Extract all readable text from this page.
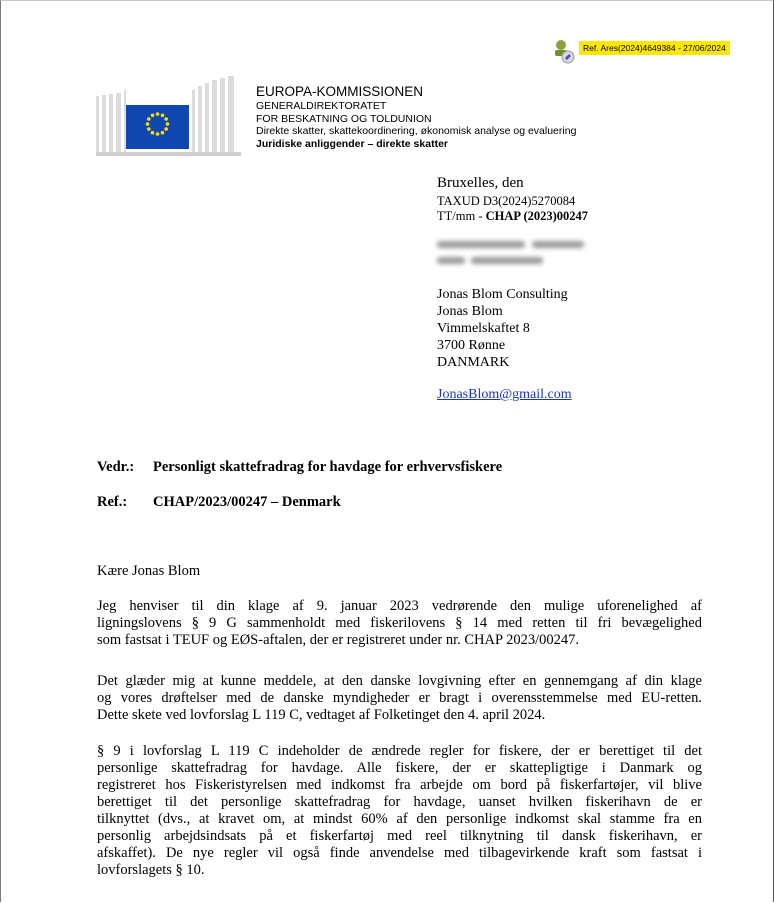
Ref. Ares(2024)4649384 - 27/06/2024
EUROPA-KOMMISSIONEN
GENERALDIREKTORATET
FOR BESKATNING OG TOLDUNION
Direkte skatter, skattekoordinering, økonomisk analyse og evaluering
Juridiske anliggender – direkte skatter
Bruxelles, den
TAXUD D3(2024)5270084
TT/mm - CHAP (2023)00247
Jonas Blom Consulting
Jonas Blom
Vimmelskaftet 8
3700 Rønne
DANMARK
JonasBlom@gmail.com
Vedr.: Personligt skattefradrag for havdage for erhvervsfiskere
Ref.: CHAP/2023/00247 – Denmark
Kære Jonas Blom
Jeg henviser til din klage af 9. januar 2023 vedrørende den mulige uforenelighed af
ligningslovens § 9 G sammenholdt med fiskerilovens § 14 med retten til fri bevægelighed
som fastsat i TEUF og EØS-aftalen, der er registreret under nr. CHAP 2023/00247.
Det glæder mig at kunne meddele, at den danske lovgivning efter en gennemgang af din klage
og vores drøftelser med de danske myndigheder er bragt i overensstemmelse med EU-retten.
Dette skete ved lovforslag L 119 C, vedtaget af Folketinget den 4. april 2024.
§ 9 i lovforslag L 119 C indeholder de ændrede regler for fiskere, der er berettiget til det
personlige skattefradrag for havdage. Alle fiskere, der er skattepligtige i Danmark og
registreret hos Fiskeristyrelsen med indkomst fra arbejde om bord på fiskerfartøjer, vil blive
berettiget til det personlige skattefradrag for havdage, uanset hvilken fiskerihavn de er
tilknyttet (dvs., at kravet om, at mindst 60% af den personlige indkomst skal stamme fra en
personlig arbejdsindsats på et fiskerfartøj med reel tilknytning til dansk fiskerihavn, er
afskaffet). De nye regler vil også finde anvendelse med tilbagevirkende kraft som fastsat i
lovforslagets § 10.
